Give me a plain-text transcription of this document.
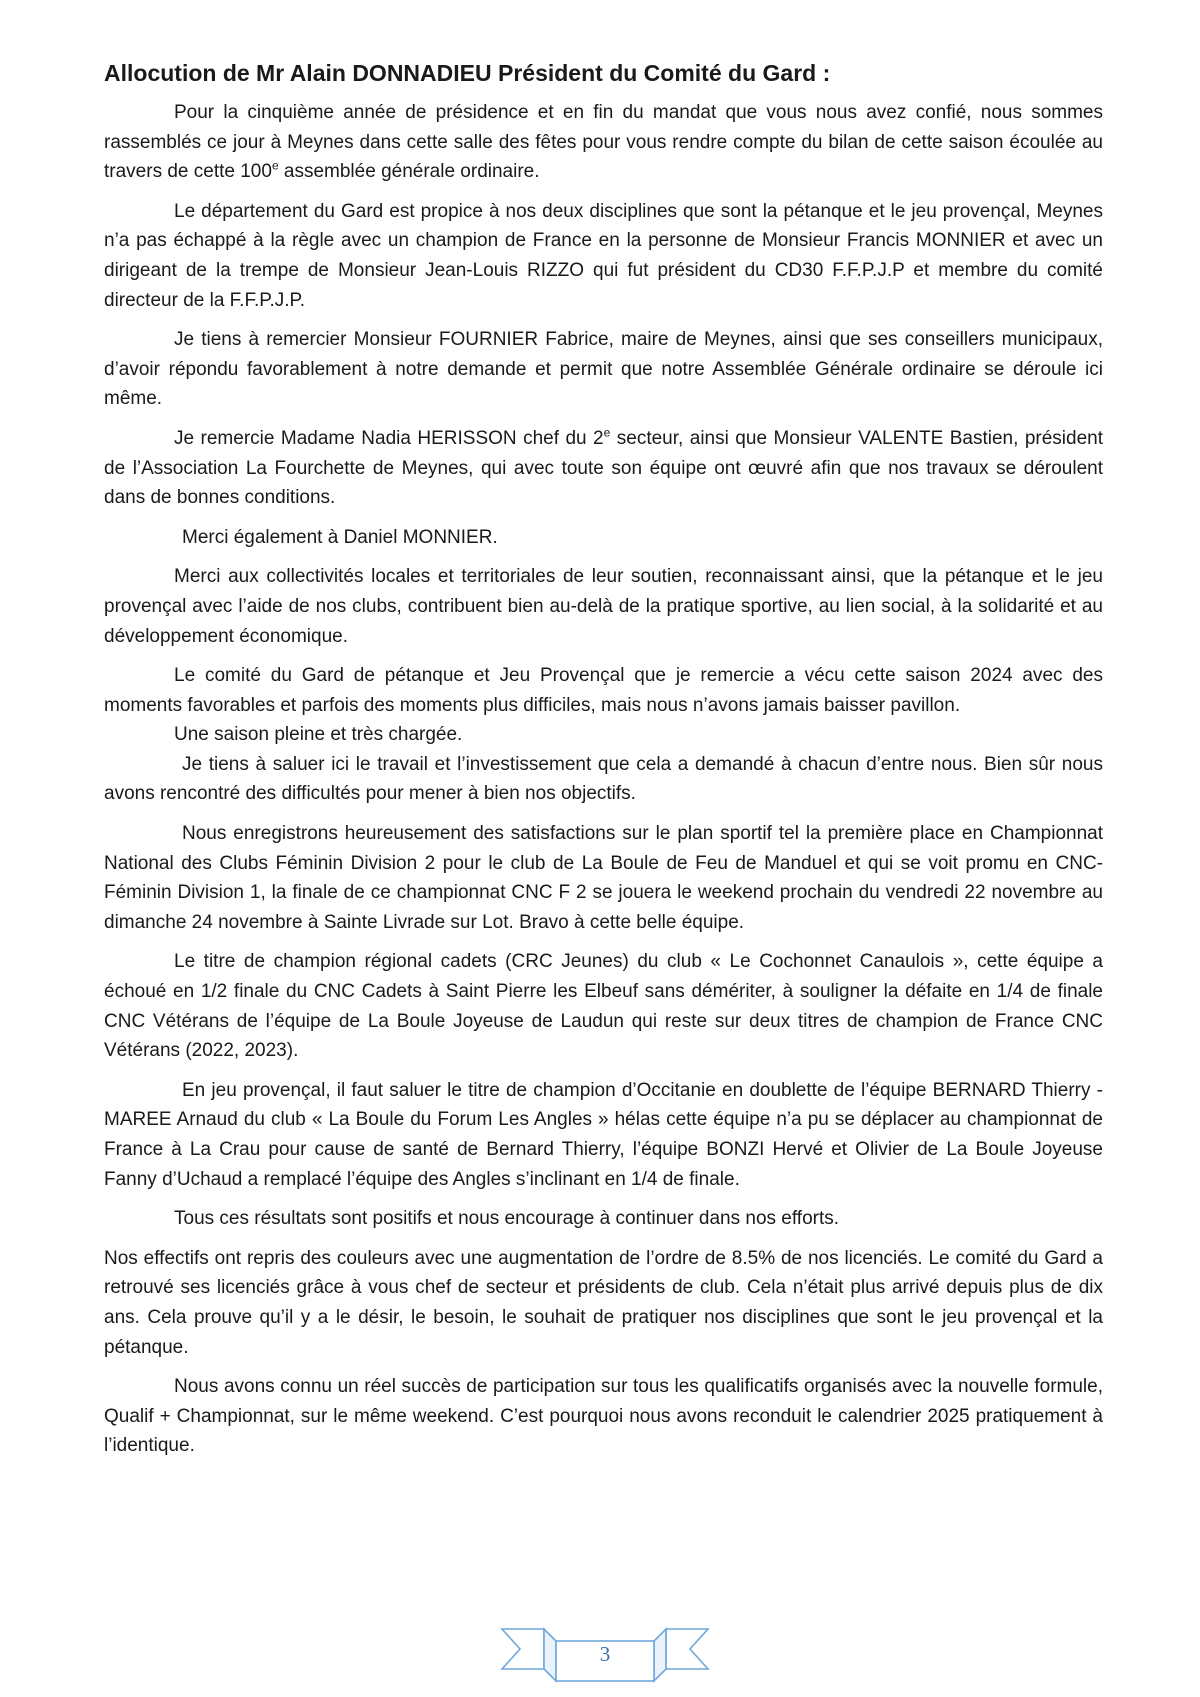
Allocution de Mr Alain DONNADIEU Président du Comité du Gard :

Pour la cinquième année de présidence et en fin du mandat que vous nous avez confié, nous sommes rassemblés ce jour à Meynes dans cette salle des fêtes pour vous rendre compte du bilan de cette saison écoulée au travers de cette 100e assemblée générale ordinaire.

Le département du Gard est propice à nos deux disciplines que sont la pétanque et le jeu provençal, Meynes n’a pas échappé à la règle avec un champion de France en la personne de Monsieur Francis MONNIER et avec un dirigeant de la trempe de Monsieur Jean-Louis RIZZO qui fut président du CD30 F.F.P.J.P et membre du comité directeur de la F.F.P.J.P.

Je tiens à remercier Monsieur FOURNIER Fabrice, maire de Meynes, ainsi que ses conseillers municipaux, d’avoir répondu favorablement à notre demande et permit que notre Assemblée Générale ordinaire se déroule ici même.

Je remercie Madame Nadia HERISSON chef du 2e secteur, ainsi que Monsieur VALENTE Bastien, président de l’Association La Fourchette de Meynes, qui avec toute son équipe ont œuvré afin que nos travaux se déroulent dans de bonnes conditions.

Merci également à Daniel MONNIER.

Merci aux collectivités locales et territoriales de leur soutien, reconnaissant ainsi, que la pétanque et le jeu provençal avec l’aide de nos clubs, contribuent bien au-delà de la pratique sportive, au lien social, à la solidarité et au développement économique.

Le comité du Gard de pétanque et Jeu Provençal que je remercie a vécu cette saison 2024 avec des moments favorables et parfois des moments plus difficiles, mais nous n’avons jamais baisser pavillon.

Une saison pleine et très chargée.

Je tiens à saluer ici le travail et l’investissement que cela a demandé à chacun d’entre nous. Bien sûr nous avons rencontré des difficultés pour mener à bien nos objectifs.

Nous enregistrons heureusement des satisfactions sur le plan sportif tel la première place en Championnat National des Clubs Féminin Division 2 pour le club de La Boule de Feu de Manduel et qui se voit promu en CNC-Féminin Division 1, la finale de ce championnat CNC F 2 se jouera le weekend prochain du vendredi 22 novembre au dimanche 24 novembre à Sainte Livrade sur Lot. Bravo à cette belle équipe.

Le titre de champion régional cadets (CRC Jeunes) du club « Le Cochonnet Canaulois », cette équipe a échoué en 1/2 finale du CNC Cadets à Saint Pierre les Elbeuf sans démériter, à souligner la défaite en 1/4 de finale CNC Vétérans de l’équipe de La Boule Joyeuse de Laudun qui reste sur deux titres de champion de France CNC Vétérans (2022, 2023).

En jeu provençal, il faut saluer le titre de champion d’Occitanie en doublette de l’équipe BERNARD Thierry - MAREE Arnaud du club « La Boule du Forum Les Angles » hélas cette équipe n’a pu se déplacer au championnat de France à La Crau pour cause de santé de Bernard Thierry, l’équipe BONZI Hervé et Olivier de La Boule Joyeuse Fanny d’Uchaud a remplacé l’équipe des Angles s’inclinant en 1/4 de finale.

Tous ces résultats sont positifs et nous encourage à continuer dans nos efforts.

Nos effectifs ont repris des couleurs avec une augmentation de l’ordre de 8.5% de nos licenciés. Le comité du Gard a retrouvé ses licenciés grâce à vous chef de secteur et présidents de club. Cela n’était plus arrivé depuis plus de dix ans. Cela prouve qu’il y a le désir, le besoin, le souhait de pratiquer nos disciplines que sont le jeu provençal et la pétanque.

Nous avons connu un réel succès de participation sur tous les qualificatifs organisés avec la nouvelle formule, Qualif + Championnat, sur le même weekend. C’est pourquoi nous avons reconduit le calendrier 2025 pratiquement à l’identique.

3
